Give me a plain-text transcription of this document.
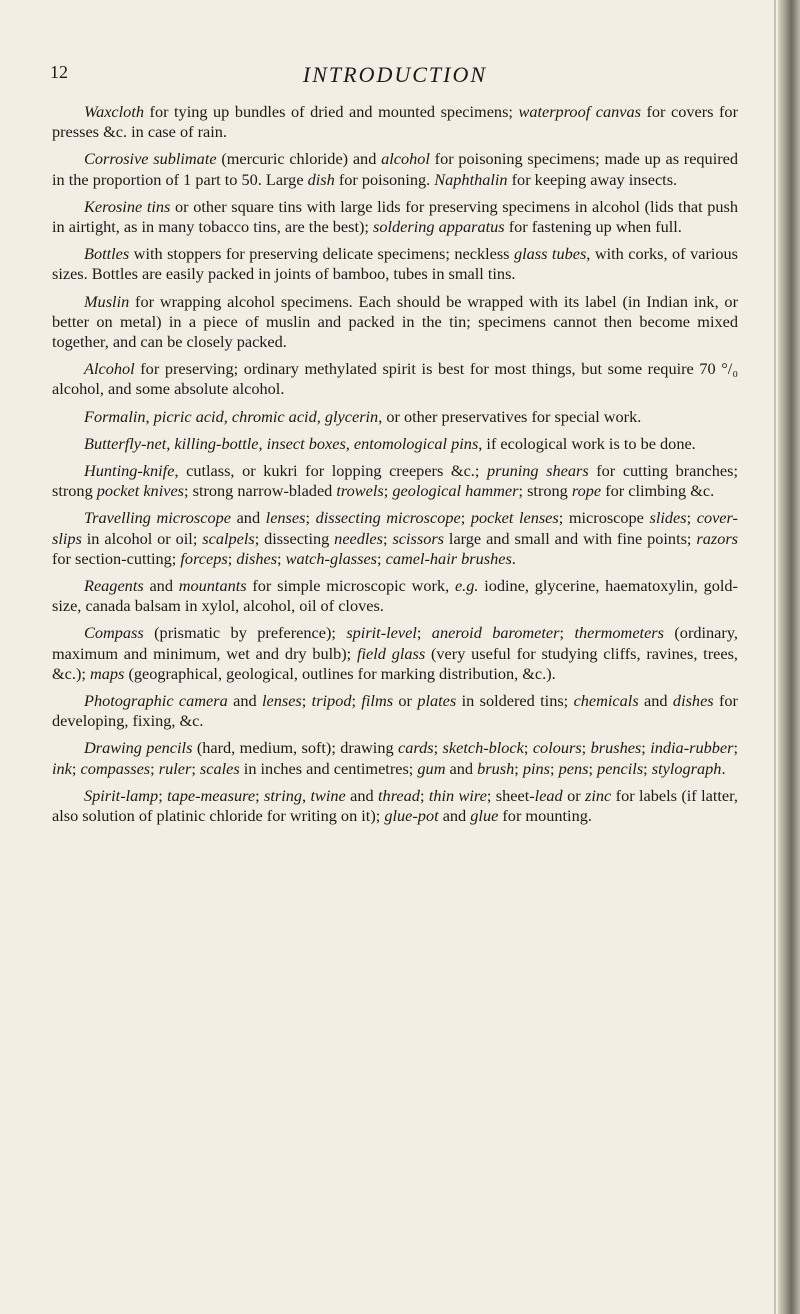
12	INTRODUCTION

Waxcloth for tying up bundles of dried and mounted specimens; waterproof canvas for covers for presses &c. in case of rain.

Corrosive sublimate (mercuric chloride) and alcohol for poisoning specimens; made up as required in the proportion of 1 part to 50. Large dish for poisoning. Naphthalin for keeping away insects.

Kerosine tins or other square tins with large lids for preserving specimens in alcohol (lids that push in airtight, as in many tobacco tins, are the best); soldering apparatus for fastening up when full.

Bottles with stoppers for preserving delicate specimens; neckless glass tubes, with corks, of various sizes. Bottles are easily packed in joints of bamboo, tubes in small tins.

Muslin for wrapping alcohol specimens. Each should be wrapped with its label (in Indian ink, or better on metal) in a piece of muslin and packed in the tin; specimens cannot then become mixed together, and can be closely packed.

Alcohol for preserving; ordinary methylated spirit is best for most things, but some require 70 °/₀ alcohol, and some absolute alcohol.

Formalin, picric acid, chromic acid, glycerin, or other preservatives for special work.

Butterfly-net, killing-bottle, insect boxes, entomological pins, if ecological work is to be done.

Hunting-knife, cutlass, or kukri for lopping creepers &c.; pruning shears for cutting branches; strong pocket knives; strong narrow-bladed trowels; geological hammer; strong rope for climbing &c.

Travelling microscope and lenses; dissecting microscope; pocket lenses; microscope slides; cover-slips in alcohol or oil; scalpels; dissecting needles; scissors large and small and with fine points; razors for section-cutting; forceps; dishes; watch-glasses; camel-hair brushes.

Reagents and mountants for simple microscopic work, e.g. iodine, glycerine, haematoxylin, gold-size, canada balsam in xylol, alcohol, oil of cloves.

Compass (prismatic by preference); spirit-level; aneroid barometer; thermometers (ordinary, maximum and minimum, wet and dry bulb); field glass (very useful for studying cliffs, ravines, trees, &c.); maps (geographical, geological, outlines for marking distribution, &c.).

Photographic camera and lenses; tripod; films or plates in soldered tins; chemicals and dishes for developing, fixing, &c.

Drawing pencils (hard, medium, soft); drawing cards; sketch-block; colours; brushes; india-rubber; ink; compasses; ruler; scales in inches and centimetres; gum and brush; pins; pens; pencils; stylograph.

Spirit-lamp; tape-measure; string, twine and thread; thin wire; sheet-lead or zinc for labels (if latter, also solution of platinic chloride for writing on it); glue-pot and glue for mounting.
